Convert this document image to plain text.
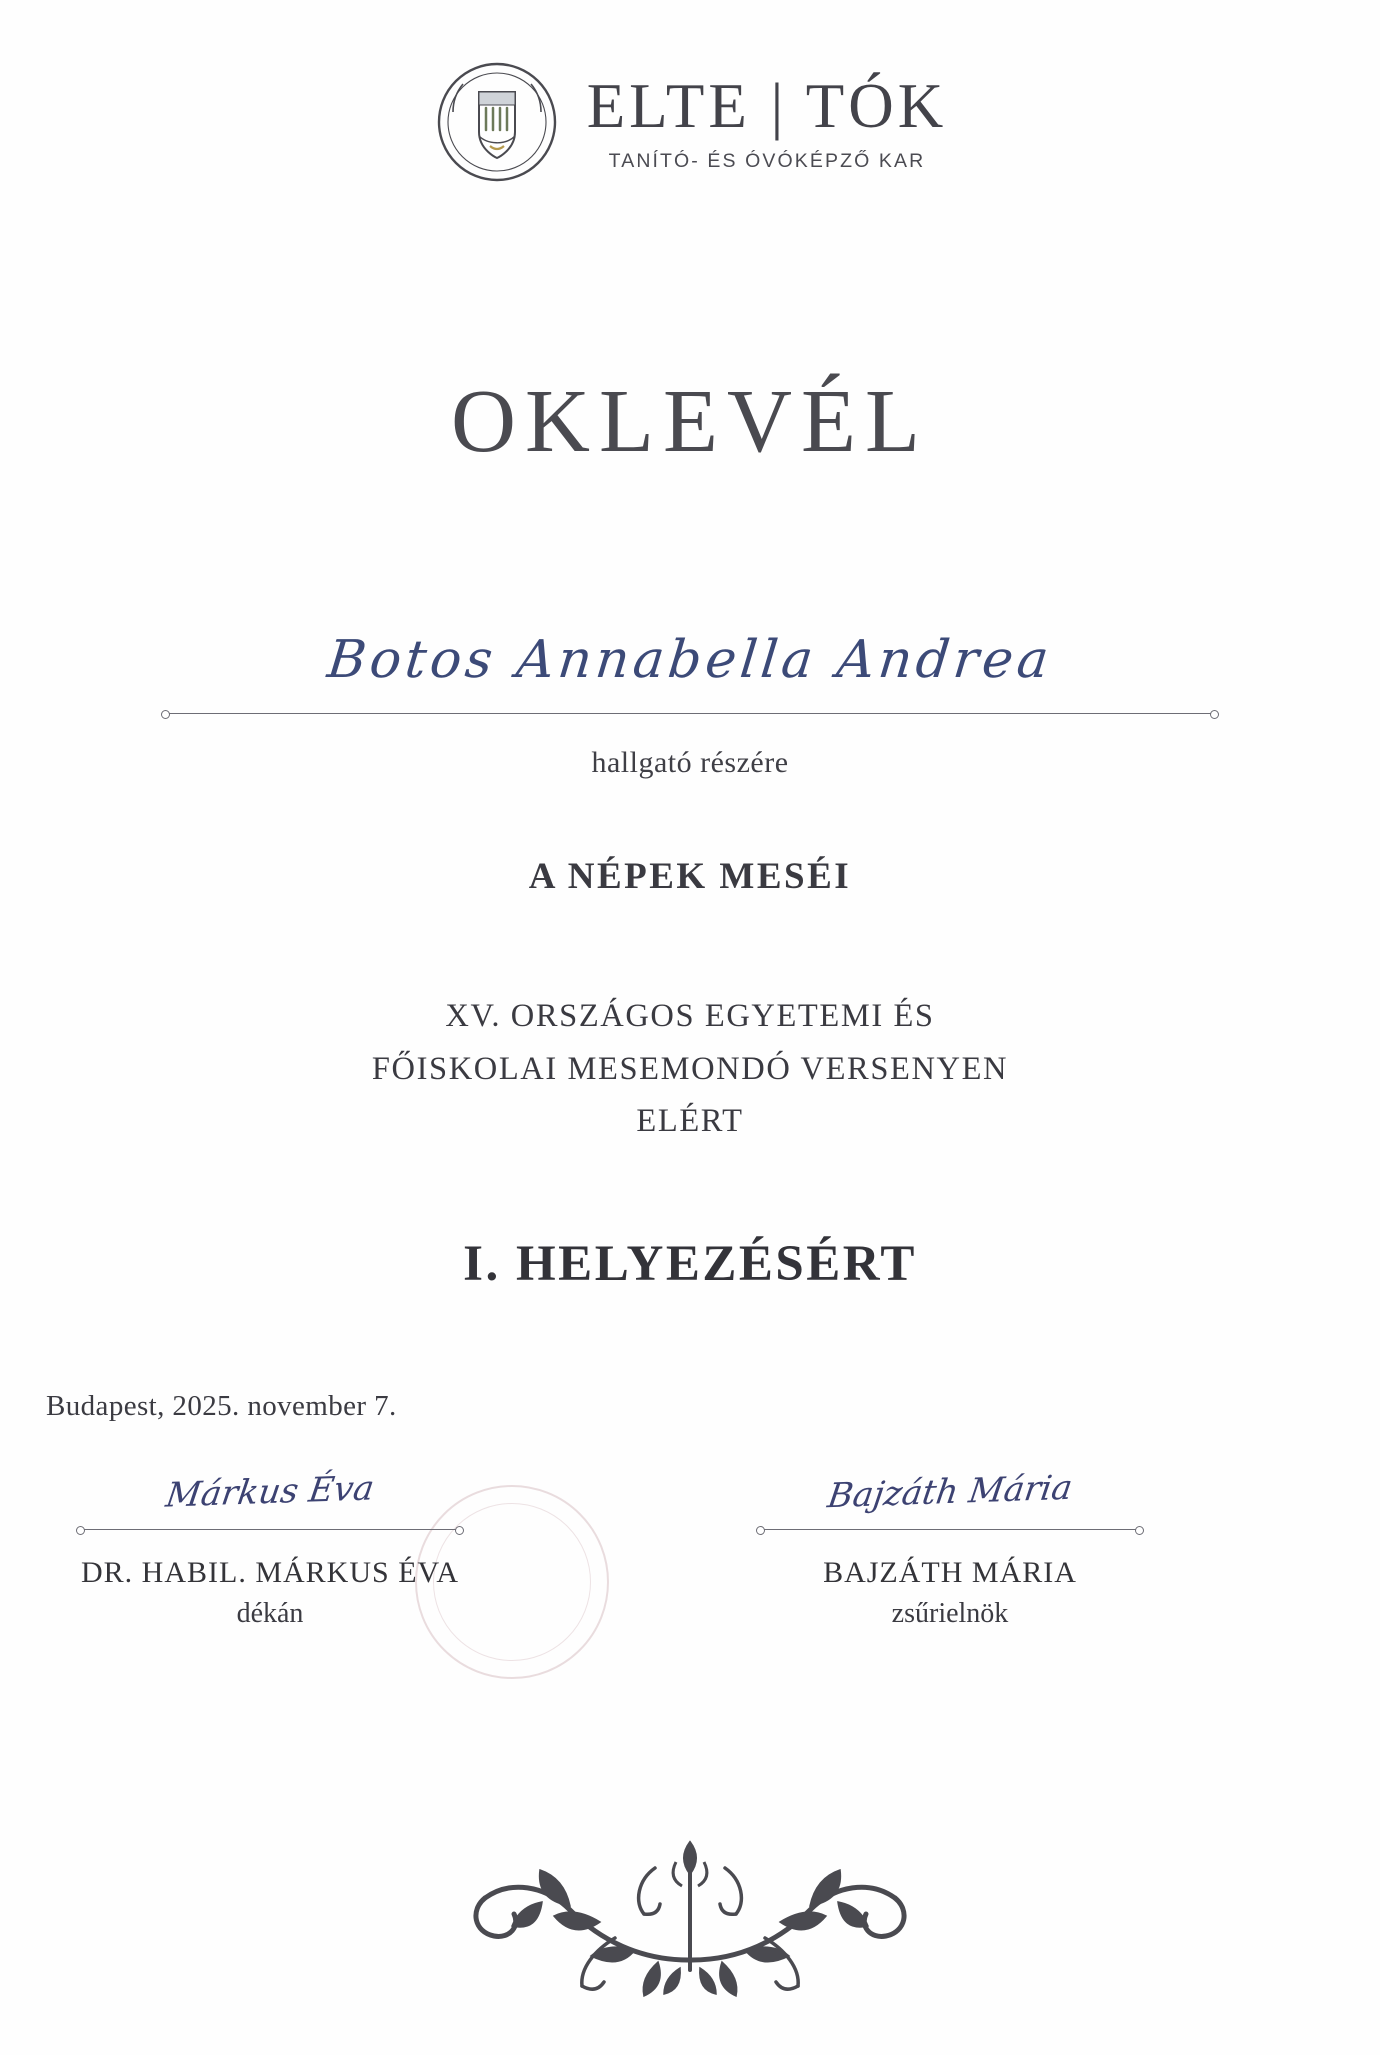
ELTE | TÓK
TANÍTÓ- ÉS ÓVÓKÉPZŐ KAR
OKLEVÉL
Botos Annabella Andrea
hallgató részére
A NÉPEK MESÉI
XV. ORSZÁGOS EGYETEMI ÉS
FŐISKOLAI MESEMONDÓ VERSENYEN
ELÉRT
I. HELYEZÉSÉRT
Budapest, 2025. november 7.
Márkus Éva
DR. HABIL. MÁRKUS ÉVA
dékán
Bajzáth Mária
BAJZÁTH MÁRIA
zsűrielnök
